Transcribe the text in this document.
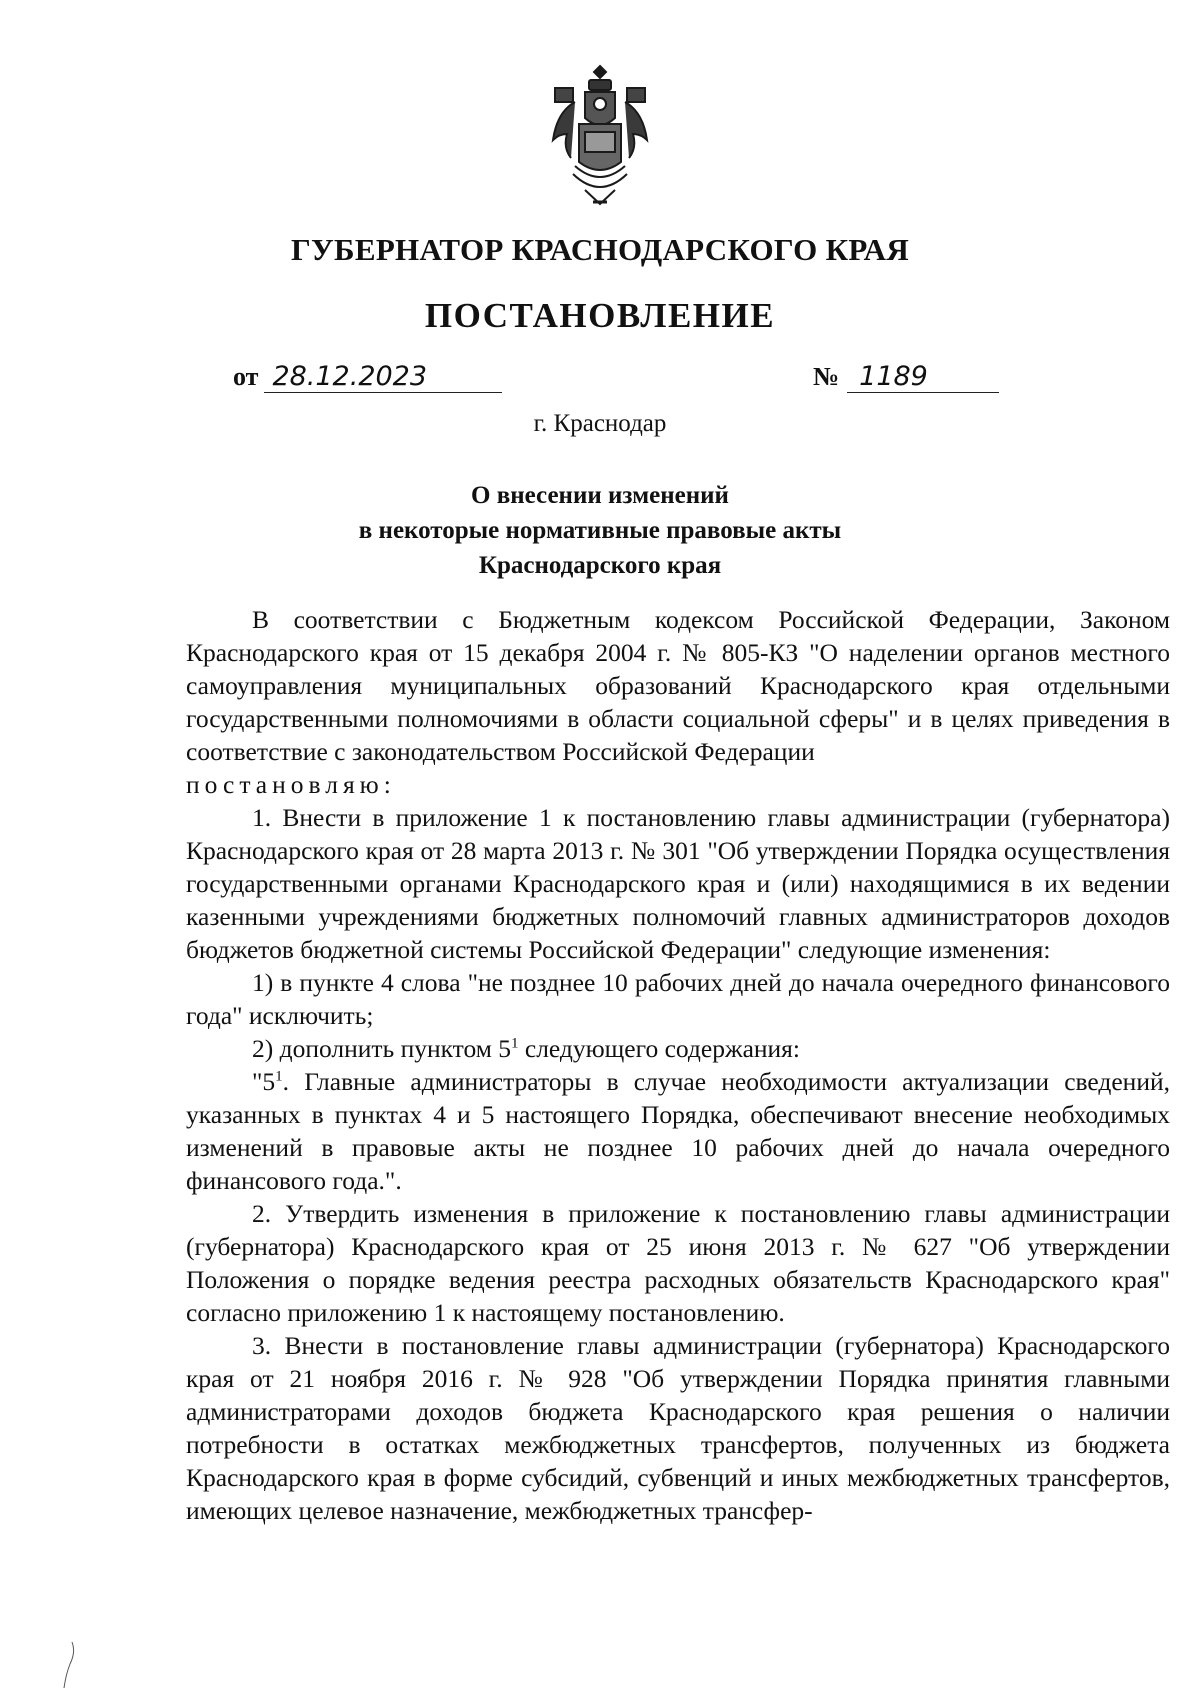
ГУБЕРНАТОР КРАСНОДАРСКОГО КРАЯ
ПОСТАНОВЛЕНИЕ
от 28.12.2023	№ 1189
г. Краснодар
О внесении изменений
в некоторые нормативные правовые акты
Краснодарского края

В соответствии с Бюджетным кодексом Российской Федерации, Законом Краснодарского края от 15 декабря 2004 г. № 805-КЗ "О наделении органов местного самоуправления муниципальных образований Краснодарского края отдельными государственными полномочиями в области социальной сферы" и в целях приведения в соответствие с законодательством Российской Федерации

постановляю:

1. Внести в приложение 1 к постановлению главы администрации (губернатора) Краснодарского края от 28 марта 2013 г. № 301 "Об утверждении Порядка осуществления государственными органами Краснодарского края и (или) находящимися в их ведении казенными учреждениями бюджетных полномочий главных администраторов доходов бюджетов бюджетной системы Российской Федерации" следующие изменения:

1) в пункте 4 слова "не позднее 10 рабочих дней до начала очередного финансового года" исключить;

2) дополнить пунктом $5^1$ следующего содержания:

"$5^1$. Главные администраторы в случае необходимости актуализации сведений, указанных в пунктах 4 и 5 настоящего Порядка, обеспечивают внесение необходимых изменений в правовые акты не позднее 10 рабочих дней до начала очередного финансового года.".

2. Утвердить изменения в приложение к постановлению главы администрации (губернатора) Краснодарского края от 25 июня 2013 г. № 627 "Об утверждении Положения о порядке ведения реестра расходных обязательств Краснодарского края" согласно приложению 1 к настоящему постановлению.

3. Внести в постановление главы администрации (губернатора) Краснодарского края от 21 ноября 2016 г. № 928 "Об утверждении Порядка принятия главными администраторами доходов бюджета Краснодарского края решения о наличии потребности в остатках межбюджетных трансфертов, полученных из бюджета Краснодарского края в форме субсидий, субвенций и иных межбюджетных трансфертов, имеющих целевое назначение, межбюджетных трансфер-
